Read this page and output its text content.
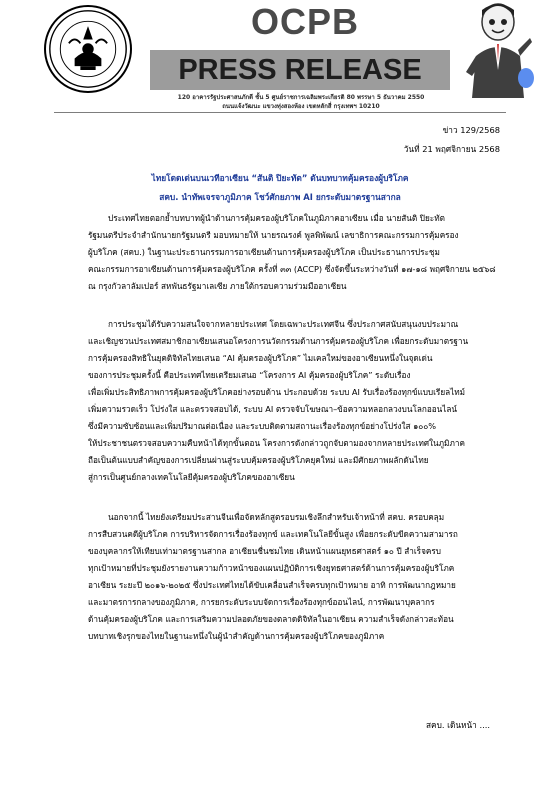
OCPB
PRESS RELEASE
120 อาคารรัฐประศาสนภักดี ชั้น 5 ศูนย์ราชการเฉลิมพระเกียรติ 80 พรรษา 5 ธันวาคม 2550
ถนนแจ้งวัฒนะ แขวงทุ่งสองห้อง เขตหลักสี่ กรุงเทพฯ 10210
ข่าว 129/2568
วันที่ 21 พฤศจิกายน 2568
ไทยโดดเด่นบนเวทีอาเซียน “สันติ ปิยะทัต” ดันบทบาทคุ้มครองผู้บริโภค
สคบ. นำทัพเจรจาภูมิภาค โชว์ศักยภาพ AI ยกระดับมาตรฐานสากล
ประเทศไทยตอกย้ำบทบาทผู้นำด้านการคุ้มครองผู้บริโภคในภูมิภาคอาเซียน เมื่อ นายสันติ ปิยะทัต
รัฐมนตรีประจำสำนักนายกรัฐมนตรี มอบหมายให้ นายรณรงค์ พูลพิพัฒน์ เลขาธิการคณะกรรมการคุ้มครอง
ผู้บริโภค (สคบ.) ในฐานะประธานกรรมการอาเซียนด้านการคุ้มครองผู้บริโภค เป็นประธานการประชุม
คณะกรรมการอาเซียนด้านการคุ้มครองผู้บริโภค ครั้งที่ ๓๓ (ACCP) ซึ่งจัดขึ้นระหว่างวันที่ ๑๗-๑๘ พฤศจิกายน ๒๕๖๘
ณ กรุงกัวลาลัมเปอร์ สหพันธรัฐมาเลเซีย ภายใต้กรอบความร่วมมืออาเซียน
การประชุมได้รับความสนใจจากหลายประเทศ โดยเฉพาะประเทศจีน ซึ่งประกาศสนับสนุนงบประมาณ
และเชิญชวนประเทศสมาชิกอาเซียนเสนอโครงการนวัตกรรมด้านการคุ้มครองผู้บริโภค เพื่อยกระดับมาตรฐาน
การคุ้มครองสิทธิในยุคดิจิทัลไทยเสนอ “AI คุ้มครองผู้บริโภค” ไมเคลใหม่ของอาเซียนหนึ่งในจุดเด่น
ของการประชุมครั้งนี้ คือประเทศไทยเตรียมเสนอ “โครงการ AI คุ้มครองผู้บริโภค” ระดับเรื่อง
เพื่อเพิ่มประสิทธิภาพการคุ้มครองผู้บริโภคอย่างรอบด้าน ประกอบด้วย ระบบ AI รับเรื่องร้องทุกข์แบบเรียลไทม์
เพิ่มความรวดเร็ว โปร่งใส และตรวจสอบได้, ระบบ AI ตรวจจับโฆษณา–ข้อความหลอกลวงบนโลกออนไลน์
ซึ่งมีความซับซ้อนและเพิ่มปริมาณต่อเนื่อง และระบบติดตามสถานะเรื่องร้องทุกข์อย่างโปร่งใส ๑๐๐%
ให้ประชาชนตรวจสอบความคืบหน้าได้ทุกขั้นตอน โครงการดังกล่าวถูกจับตามองจากหลายประเทศในภูมิภาค
ถือเป็นต้นแบบสำคัญของการเปลี่ยนผ่านสู่ระบบคุ้มครองผู้บริโภคยุคใหม่ และมีศักยภาพผลักดันไทย
สู่การเป็นศูนย์กลางเทคโนโลยีคุ้มครองผู้บริโภคของอาเซียน
นอกจากนี้ ไทยยังเตรียมประสานจีนเพื่อจัดหลักสูตรอบรมเชิงลึกสำหรับเจ้าหน้าที่ สคบ. ครอบคลุม
การสืบสวนคดีผู้บริโภค การบริหารจัดการเรื่องร้องทุกข์ และเทคโนโลยีขั้นสูง เพื่อยกระดับขีดความสามารถ
ของบุคลากรให้เทียบเท่ามาตรฐานสากล อาเซียนชื่นชมไทย เดินหน้าแผนยุทธศาสตร์ ๑๐ ปี สำเร็จครบ
ทุกเป้าหมายที่ประชุมยังรายงานความก้าวหน้าของแผนปฏิบัติการเชิงยุทธศาสตร์ด้านการคุ้มครองผู้บริโภค
อาเซียน ระยะปี ๒๐๑๖-๒๐๒๕ ซึ่งประเทศไทยได้ขับเคลื่อนสำเร็จครบทุกเป้าหมาย อาทิ การพัฒนากฎหมาย
และมาตรการกลางของภูมิภาค, การยกระดับระบบจัดการเรื่องร้องทุกข์ออนไลน์, การพัฒนาบุคลากร
ด้านคุ้มครองผู้บริโภค และการเสริมความปลอดภัยของตลาดดิจิทัลในอาเซียน ความสำเร็จดังกล่าวสะท้อน
บทบาทเชิงรุกของไทยในฐานะหนึ่งในผู้นำสำคัญด้านการคุ้มครองผู้บริโภคของภูมิภาค
สคบ. เดินหน้า ....
